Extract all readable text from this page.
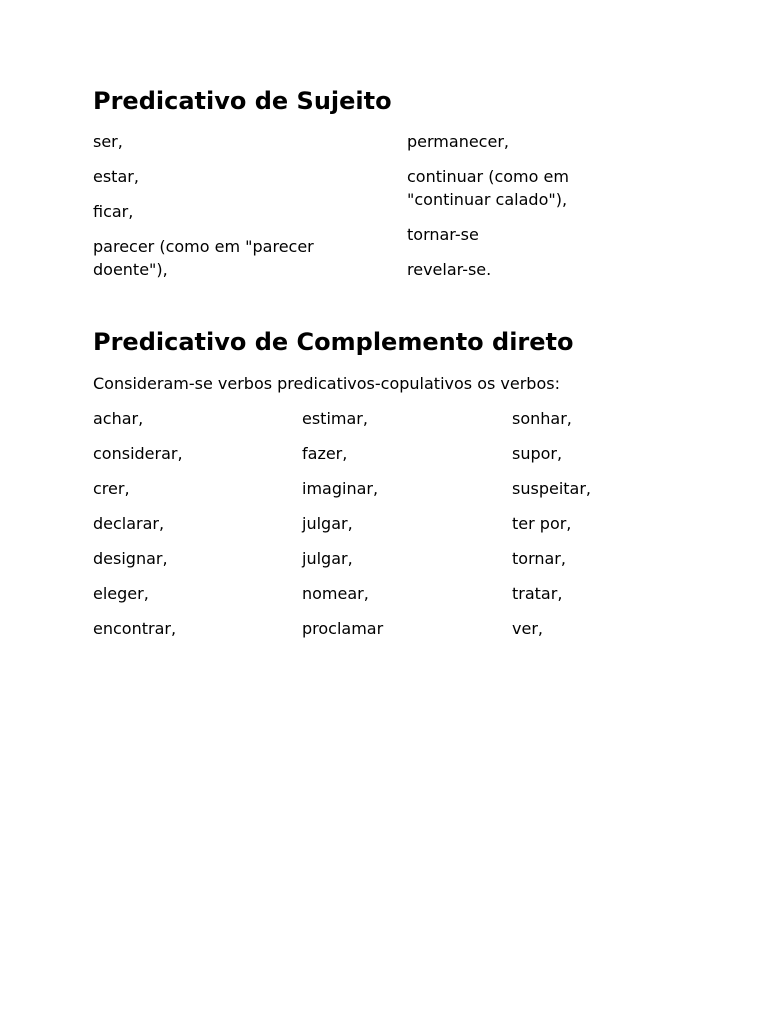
Predicativo de Sujeito

ser,

estar,

ficar,

parecer (como em "parecer doente"),

permanecer,

continuar (como em "continuar calado"),

tornar-se

revelar-se.

Predicativo de Complemento direto

Consideram-se verbos predicativos-copulativos os verbos:

achar,

considerar,

crer,

declarar,

designar,

eleger,

encontrar,

estimar,

fazer,

imaginar,

julgar,

julgar,

nomear,

proclamar

sonhar,

supor,

suspeitar,

ter por,

tornar,

tratar,

ver,
